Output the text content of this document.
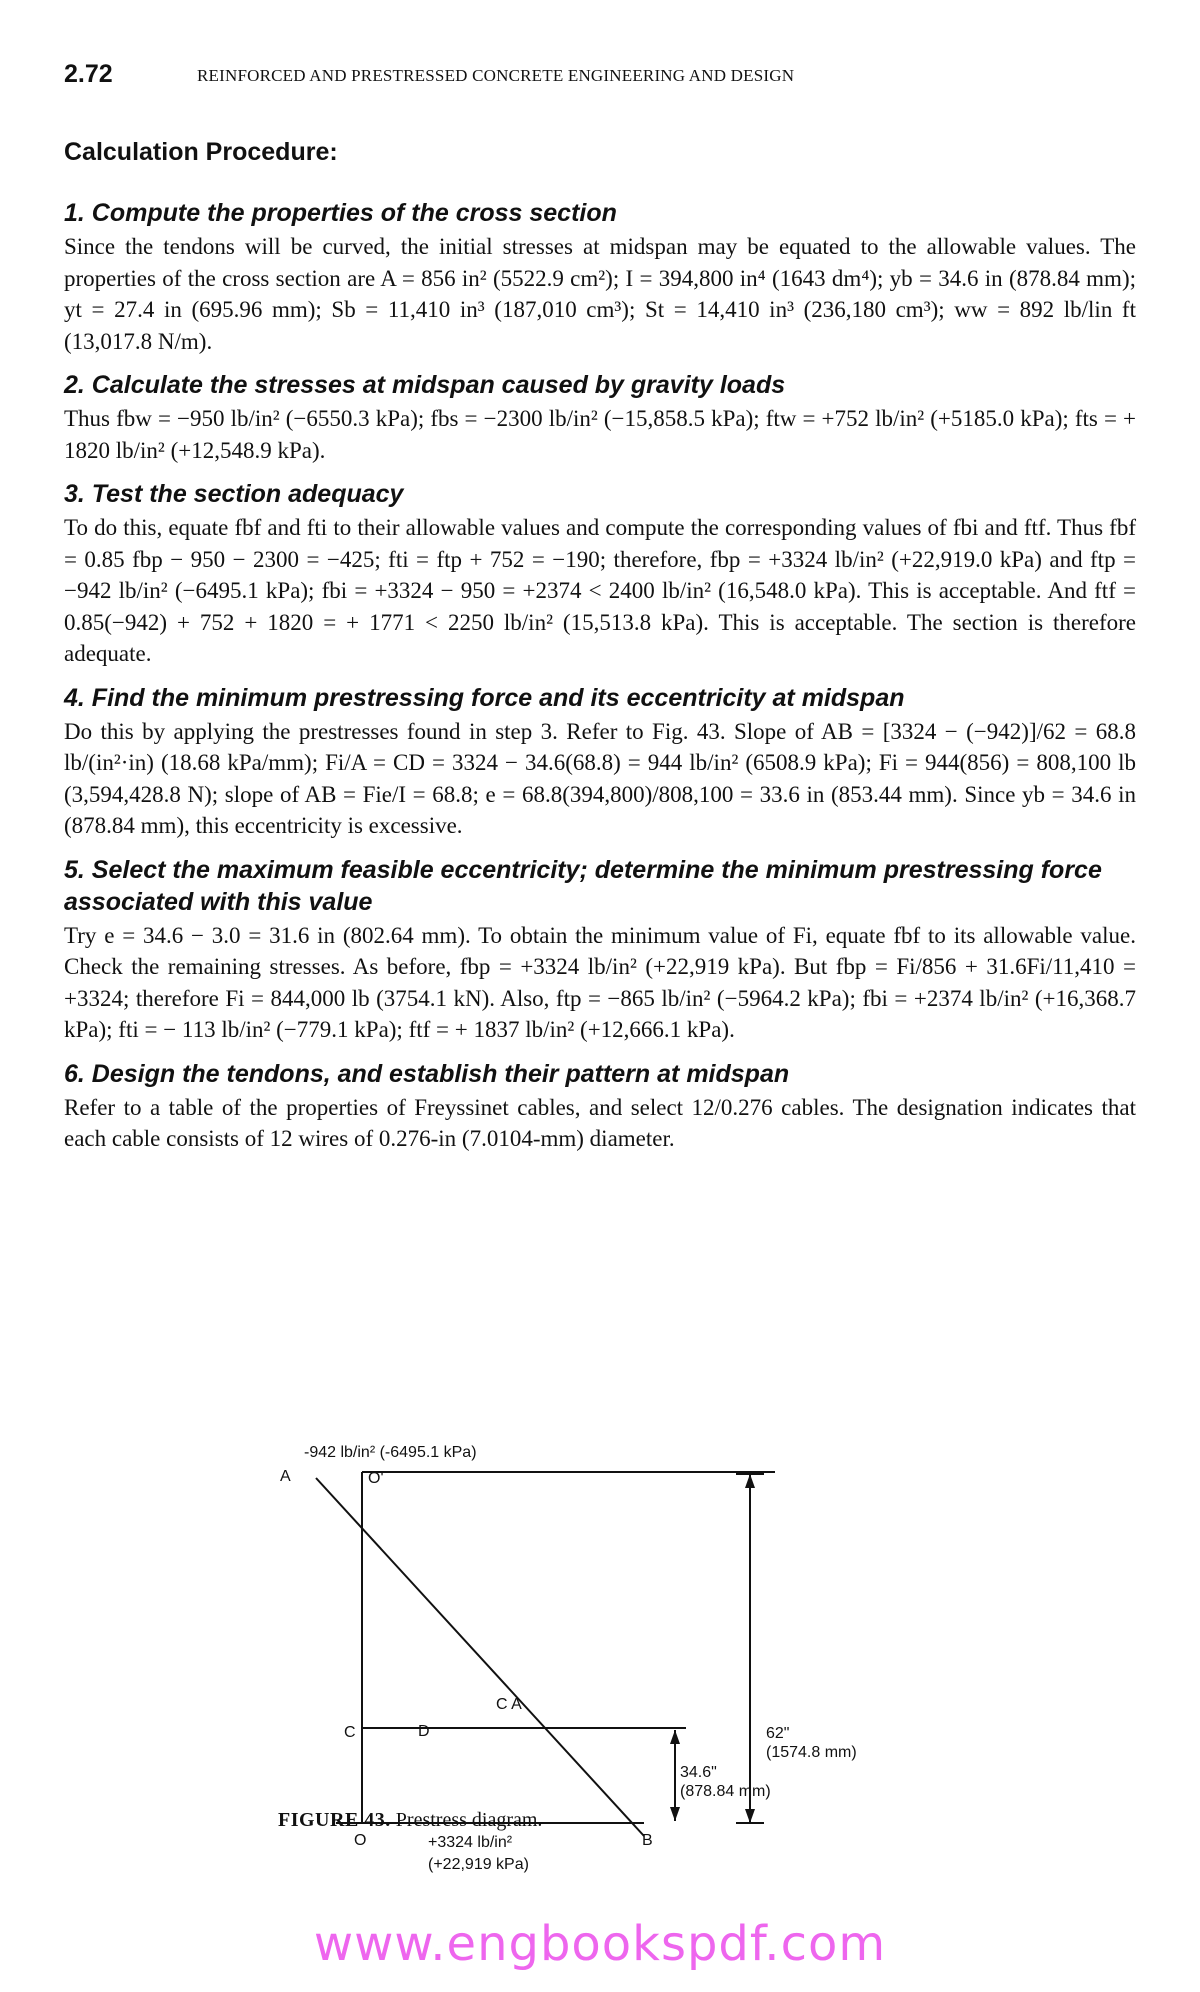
2.72	REINFORCED AND PRESTRESSED CONCRETE ENGINEERING AND DESIGN
Calculation Procedure:
1. Compute the properties of the cross section

Since the tendons will be curved, the initial stresses at midspan may be equated to the allowable values. The properties of the cross section are A = 856 in² (5522.9 cm²); I = 394,800 in⁴ (1643 dm⁴); yb = 34.6 in (878.84 mm); yt = 27.4 in (695.96 mm); Sb = 11,410 in³ (187,010 cm³); St = 14,410 in³ (236,180 cm³); ww = 892 lb/lin ft (13,017.8 N/m).

2. Calculate the stresses at midspan caused by gravity loads

Thus fbw = −950 lb/in² (−6550.3 kPa); fbs = −2300 lb/in² (−15,858.5 kPa); ftw = +752 lb/in² (+5185.0 kPa); fts = + 1820 lb/in² (+12,548.9 kPa).

3. Test the section adequacy

To do this, equate fbf and fti to their allowable values and compute the corresponding values of fbi and ftf. Thus fbf = 0.85 fbp − 950 − 2300 = −425; fti = ftp + 752 = −190; therefore, fbp = +3324 lb/in² (+22,919.0 kPa) and ftp = −942 lb/in² (−6495.1 kPa); fbi = +3324 − 950 = +2374 < 2400 lb/in² (16,548.0 kPa). This is acceptable. And ftf = 0.85(−942) + 752 + 1820 = + 1771 < 2250 lb/in² (15,513.8 kPa). This is acceptable. The section is therefore adequate.

4. Find the minimum prestressing force and its eccentricity at midspan

Do this by applying the prestresses found in step 3. Refer to Fig. 43. Slope of AB = [3324 − (−942)]/62 = 68.8 lb/(in²·in) (18.68 kPa/mm); Fi/A = CD = 3324 − 34.6(68.8) = 944 lb/in² (6508.9 kPa); Fi = 944(856) = 808,100 lb (3,594,428.8 N); slope of AB = Fie/I = 68.8; e = 68.8(394,800)/808,100 = 33.6 in (853.44 mm). Since yb = 34.6 in (878.84 mm), this eccentricity is excessive.

5. Select the maximum feasible eccentricity; determine the minimum prestressing force associated with this value

Try e = 34.6 − 3.0 = 31.6 in (802.64 mm). To obtain the minimum value of Fi, equate fbf to its allowable value. Check the remaining stresses. As before, fbp = +3324 lb/in² (+22,919 kPa). But fbp = Fi/856 + 31.6Fi/11,410 = +3324; therefore Fi = 844,000 lb (3754.1 kN). Also, ftp = −865 lb/in² (−5964.2 kPa); fbi = +2374 lb/in² (+16,368.7 kPa); fti = − 113 lb/in² (−779.1 kPa); ftf = + 1837 lb/in² (+12,666.1 kPa).

6. Design the tendons, and establish their pattern at midspan

Refer to a table of the properties of Freyssinet cables, and select 12/0.276 cables. The designation indicates that each cable consists of 12 wires of 0.276-in (7.0104-mm) diameter.

-942 lb/in² (-6495.1 kPa)
A	O'
C A
C	D	62"
(1574.8 mm)
34.6"
(878.84 mm)
O	B
+3324 lb/in²
FIGURE 43. Prestress diagram.
(+22,919 kPa)
www.engbookspdf.com
